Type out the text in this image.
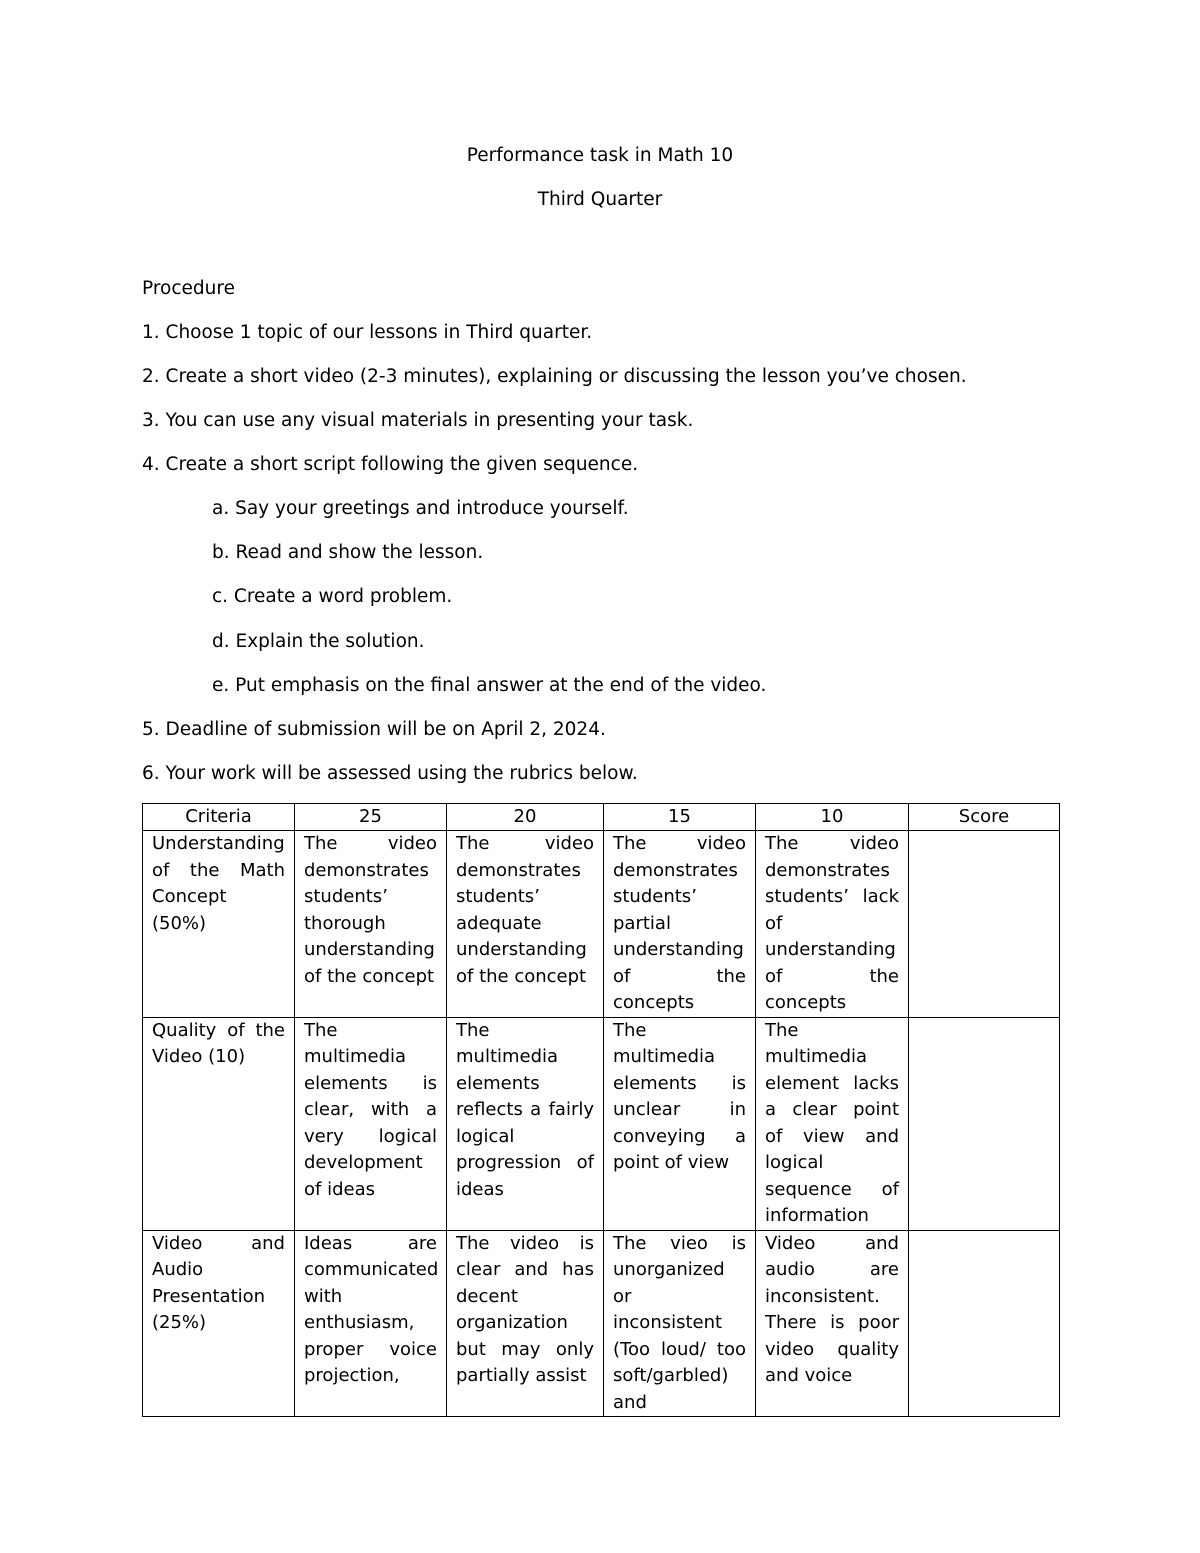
Performance task in Math 10
Third Quarter
Procedure
1. Choose 1 topic of our lessons in Third quarter.
2. Create a short video (2-3 minutes), explaining or discussing the lesson you’ve chosen.
3. You can use any visual materials in presenting your task.
4. Create a short script following the given sequence.
a. Say your greetings and introduce yourself.
b. Read and show the lesson.
c. Create a word problem.
d. Explain the solution.
e. Put emphasis on the final answer at the end of the video.
5. Deadline of submission will be on April 2, 2024.
6. Your work will be assessed using the rubrics below.
Criteria	25	20	15	10	Score
Understanding of the Math Concept (50%)	The video demonstrates students’ thorough understanding of the concept	The video demonstrates students’ adequate understanding of the concept	The video demonstrates students’ partial understanding of the concepts	The video demonstrates students’ lack of understanding of the concepts	
Quality of the Video (10)	The multimedia elements is clear, with a very logical development of ideas	The multimedia elements reflects a fairly logical progression of ideas	The multimedia elements is unclear in conveying a point of view	The multimedia element lacks a clear point of view and logical sequence of information	
Video and Audio Presentation (25%)	Ideas are communicated with enthusiasm, proper voice projection,	The video is clear and has decent organization but may only partially assist	The vieo is unorganized or inconsistent (Too loud/ too soft/garbled) and	Video and audio are inconsistent. There is poor video quality and voice	
